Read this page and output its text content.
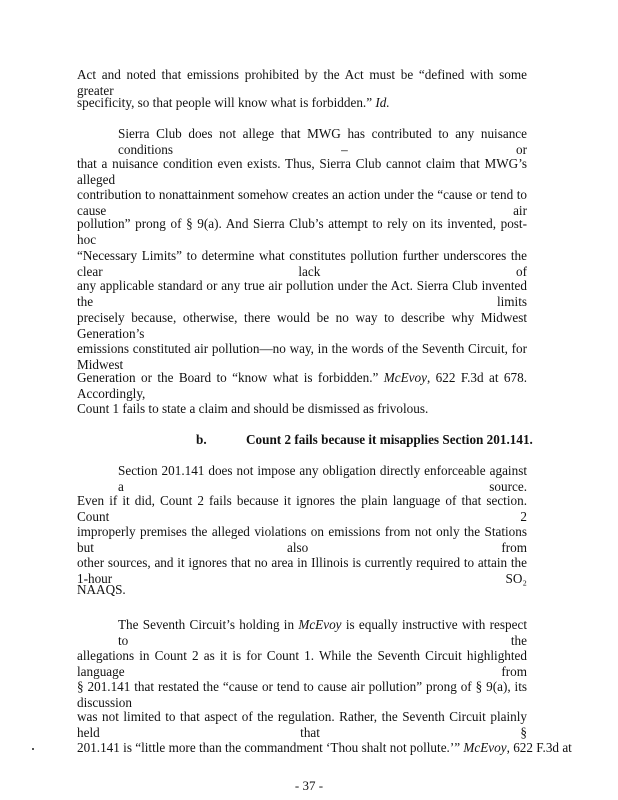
Act and noted that emissions prohibited by the Act must be “defined with some greater
specificity, so that people will know what is forbidden.” Id.
Sierra Club does not allege that MWG has contributed to any nuisance conditions – or
that a nuisance condition even exists. Thus, Sierra Club cannot claim that MWG’s alleged
contribution to nonattainment somehow creates an action under the “cause or tend to cause air
pollution” prong of § 9(a). And Sierra Club’s attempt to rely on its invented, post-hoc
“Necessary Limits” to determine what constitutes pollution further underscores the clear lack of
any applicable standard or any true air pollution under the Act. Sierra Club invented the limits
precisely because, otherwise, there would be no way to describe why Midwest Generation’s
emissions constituted air pollution—no way, in the words of the Seventh Circuit, for Midwest
Generation or the Board to “know what is forbidden.” McEvoy, 622 F.3d at 678. Accordingly,
Count 1 fails to state a claim and should be dismissed as frivolous.
Section 201.141 does not impose any obligation directly enforceable against a source.
Even if it did, Count 2 fails because it ignores the plain language of that section. Count 2
improperly premises the alleged violations on emissions from not only the Stations but also from
other sources, and it ignores that no area in Illinois is currently required to attain the 1-hour SO₂
NAAQS.
The Seventh Circuit’s holding in McEvoy is equally instructive with respect to the
allegations in Count 2 as it is for Count 1. While the Seventh Circuit highlighted language from
§ 201.141 that restated the “cause or tend to cause air pollution” prong of § 9(a), its discussion
was not limited to that aspect of the regulation. Rather, the Seventh Circuit plainly held that §
201.141 is “little more than the commandment ‘Thou shalt not pollute.’” McEvoy, 622 F.3d at
b.	Count 2 fails because it misapplies Section 201.141.
- 37 -
